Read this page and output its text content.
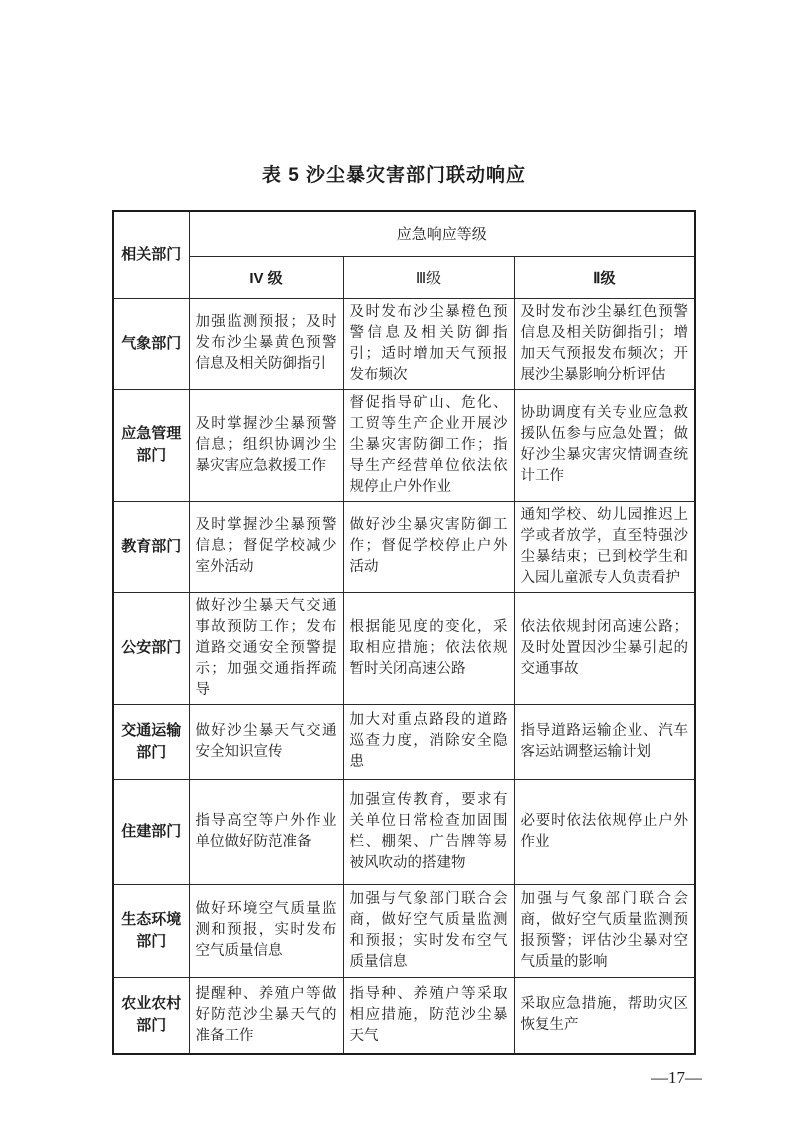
表 5 沙尘暴灾害部门联动响应
相关部门	应急响应等级		
	IV 级	Ⅲ级	Ⅱ级
气象部门	加强监测预报；及时发布沙尘暴黄色预警信息及相关防御指引	及时发布沙尘暴橙色预警信息及相关防御指 引；适时增加天气预报 发布频次	及时发布沙尘暴红色预警信息及相关防御指引；增加天气预报发布频次；开展沙尘暴影响分析评估
应急管理部门	及时掌握沙尘暴预警信息；组织协调沙尘暴灾害应急救援工作	督促指导矿山、危化、工贸等生产企业开展沙尘暴灾害防御工作；指导生产经营单位依法依规停止户外作业	协助调度有关专业应急救援队伍参与应急处置；做好沙尘暴灾害灾情调查统计工作
教育部门	及时掌握沙尘暴预警信息；督促学校减少室外活动	做好沙尘暴灾害防御工 作；督促学校停止户外 活动	通知学校、幼儿园推迟上学或者放学，直至特强沙尘暴结束；已到校学生和入园儿童派专人负责看护
公安部门	做好沙尘暴天气交通事故预防工作；发布道路交通安全预警提示；加强交通指挥疏导	根据能见度的变化，采取相应措施；依法依规暂时关闭高速公路	依法依规封闭高速公路；及时处置因沙尘暴引起的交通事故
交通运输部门	做好沙尘暴天气交通安全知识宣传	加大对重点路段的道路巡查力度，消除安全隐患	指导道路运输企业、汽车客运站调整运输计划
住建部门	指导高空等户外作业单位做好防范准备	加强宣传教育，要求有关单位日常检查加固围 栏、棚架、广告牌等易 被风吹动的搭建物	必要时依法依规停止户外 作业
生态环境部门	做好环境空气质量监测和预报，实时发布空气质量信息	加强与气象部门联合会商，做好空气质量监测和预报；实时发布空气质量信息	加强与气象部门联合会商，做好空气质量监测预报预警；评估沙尘暴对空气质量的影响
农业农村部门	提醒种、养殖户等做好防范沙尘暴天气的准备工作	指导种、养殖户等采取相应措施，防范沙尘暴天气	采取应急措施，帮助灾区恢复生产
—17—
